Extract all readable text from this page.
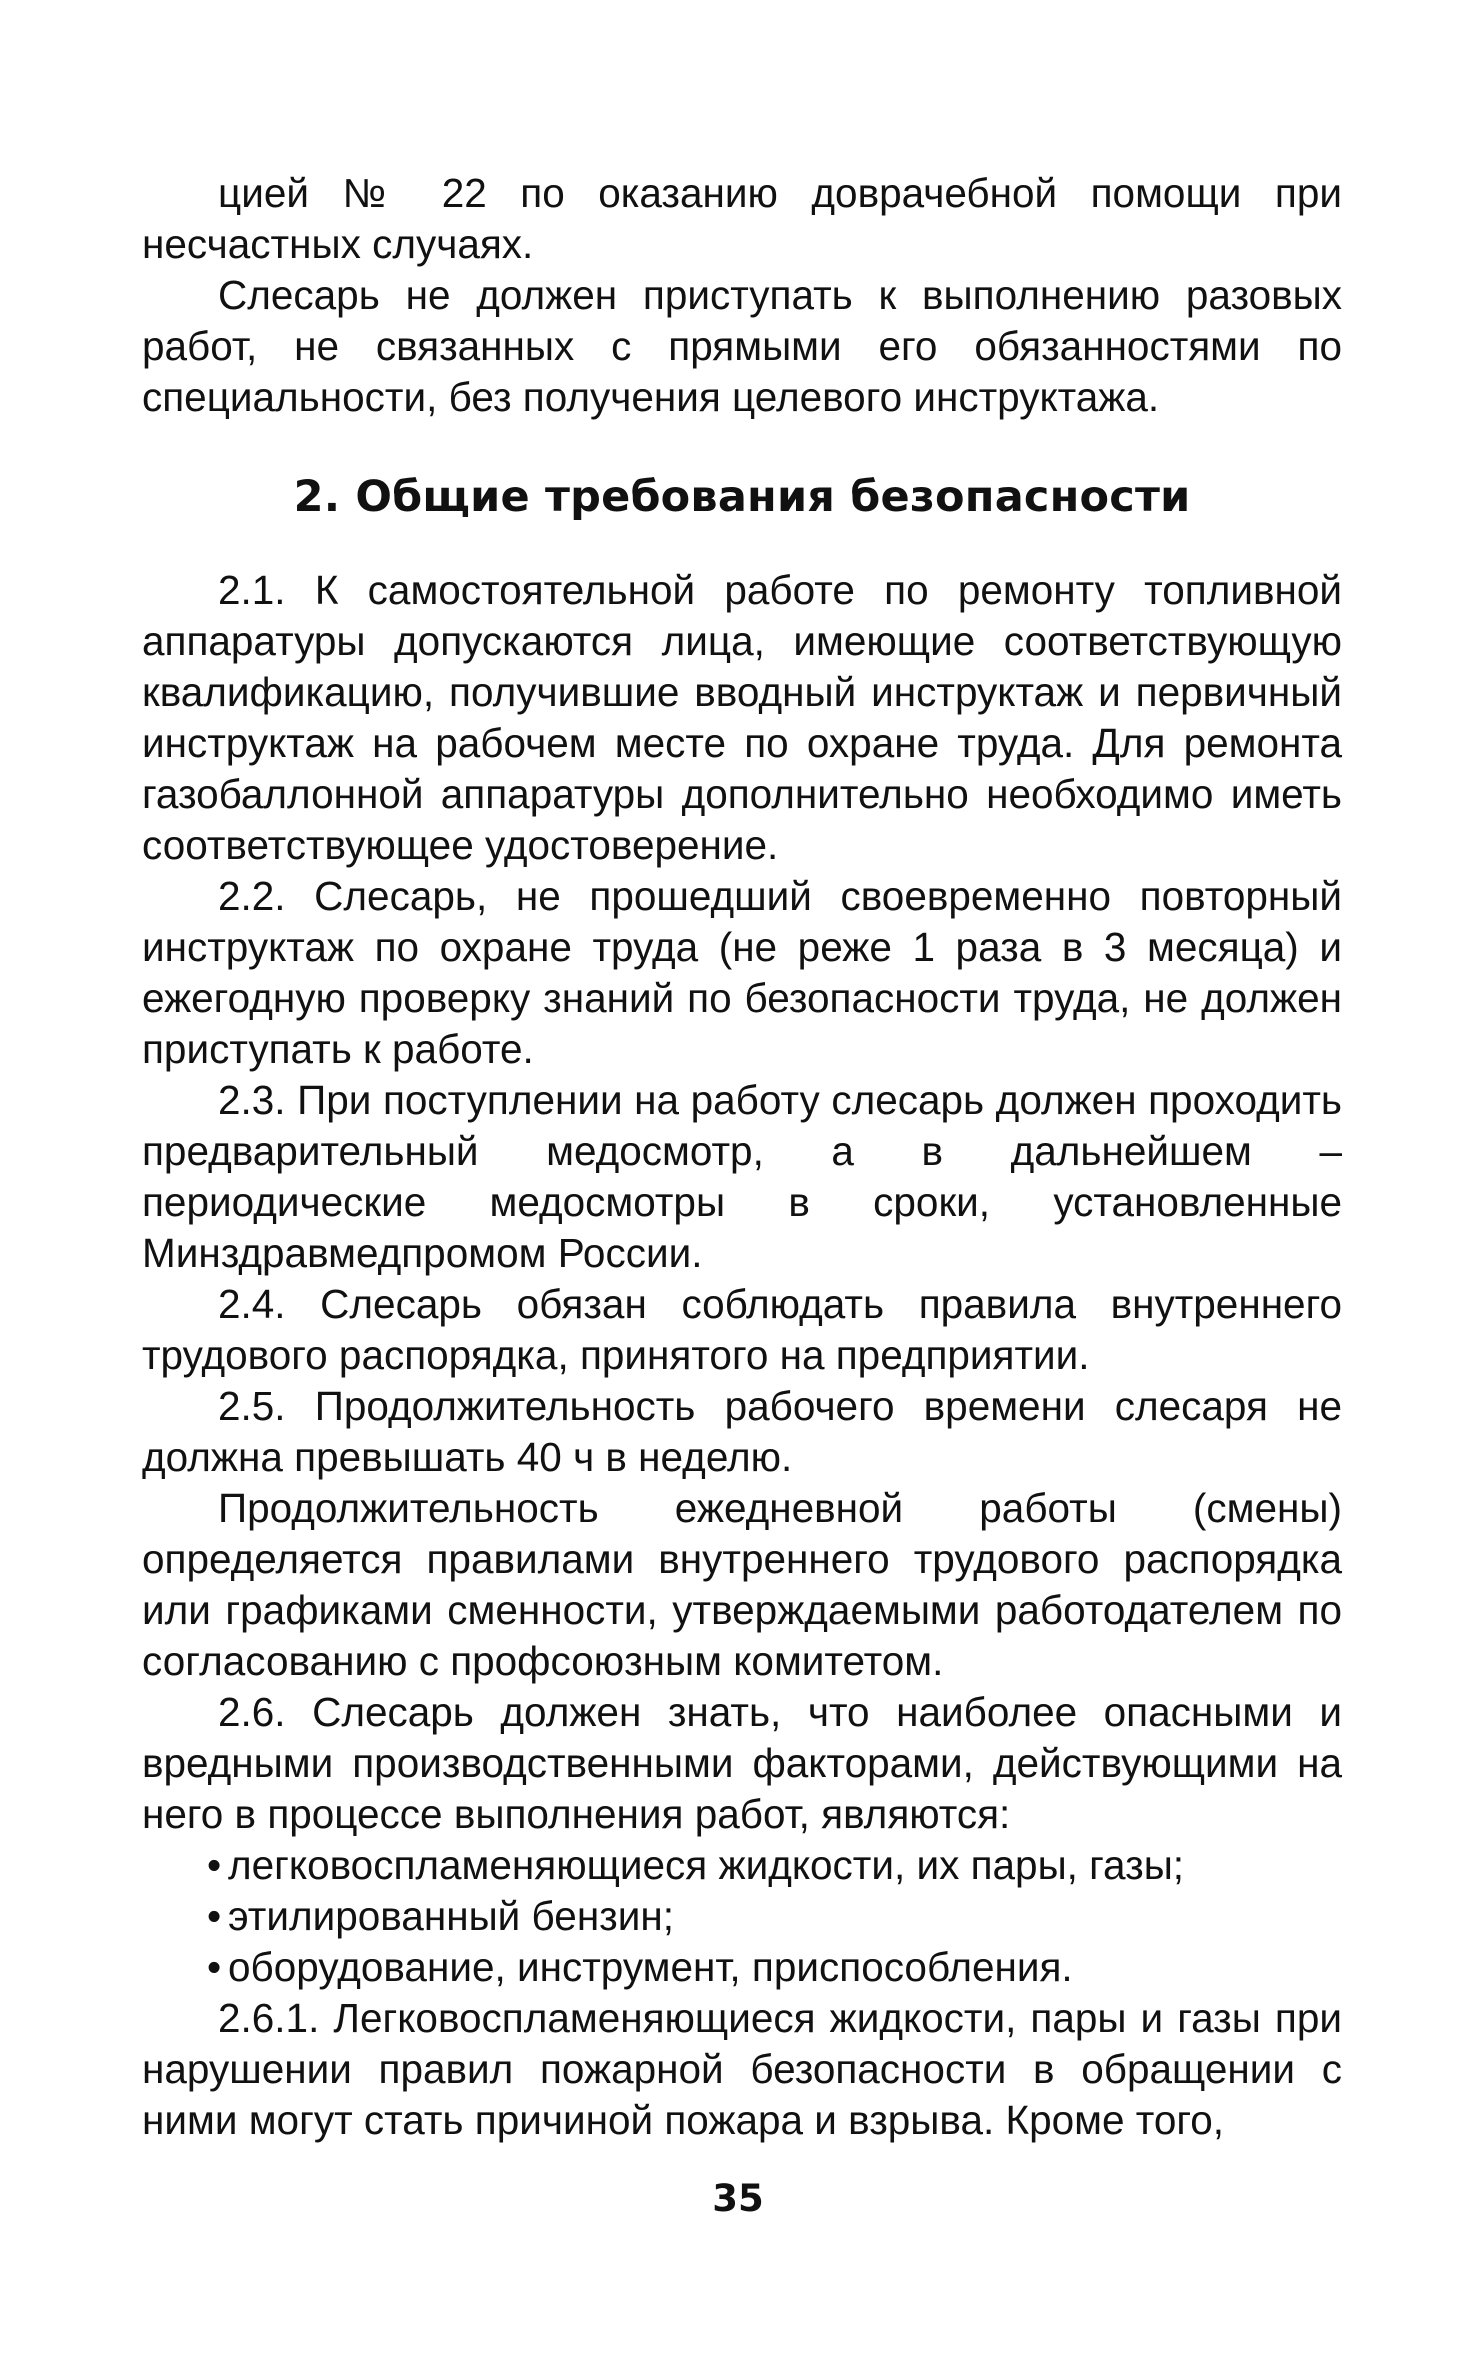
цией № 22 по оказанию доврачебной помощи при несчастных случаях.

Слесарь не должен приступать к выполнению разовых работ, не связанных с прямыми его обязанностями по специальности, без получения целевого инструктажа.

2. Общие требования безопасности

2.1. К самостоятельной работе по ремонту топливной аппаратуры допускаются лица, имеющие соответствующую квалификацию, получившие вводный инструктаж и первичный инструктаж на рабочем месте по охране труда. Для ремонта газобаллонной аппаратуры дополнительно необходимо иметь соответствующее удостоверение.

2.2. Слесарь, не прошедший своевременно повторный инструктаж по охране труда (не реже 1 раза в 3 месяца) и ежегодную проверку знаний по безопасности труда, не должен приступать к работе.

2.3. При поступлении на работу слесарь должен проходить предварительный медосмотр, а в дальнейшем – периодические медосмотры в сроки, установленные Минздравмедпромом России.

2.4. Слесарь обязан соблюдать правила внутреннего трудового распорядка, принятого на предприятии.

2.5. Продолжительность рабочего времени слесаря не должна превышать 40 ч в неделю.

Продолжительность ежедневной работы (смены) определяется правилами внутреннего трудового распорядка или графиками сменности, утверждаемыми работодателем по согласованию с профсоюзным комитетом.

2.6. Слесарь должен знать, что наиболее опасными и вредными производственными факторами, действующими на него в процессе выполнения работ, являются:

• легковоспламеняющиеся жидкости, их пары, газы;
• этилированный бензин;
• оборудование, инструмент, приспособления.

2.6.1. Легковоспламеняющиеся жидкости, пары и газы при нарушении правил пожарной безопасности в обращении с ними могут стать причиной пожара и взрыва. Кроме того,

35
